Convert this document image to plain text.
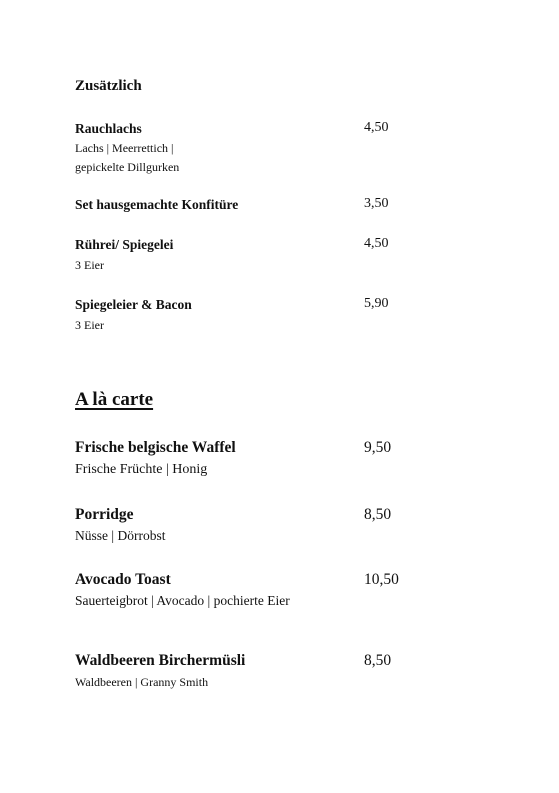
Zusätzlich
Rauchlachs	4,50
Lachs | Meerrettich |
gepickelte Dillgurken
Set hausgemachte Konfitüre	3,50
Rührei/ Spiegelei	4,50
3 Eier
Spiegeleier & Bacon	5,90
3 Eier
A là carte
Frische belgische Waffel	9,50
Frische Früchte | Honig
Porridge	8,50
Nüsse | Dörrobst
Avocado Toast	10,50
Sauerteigbrot | Avocado | pochierte Eier
Waldbeeren Birchermüsli	8,50
Waldbeeren | Granny Smith
